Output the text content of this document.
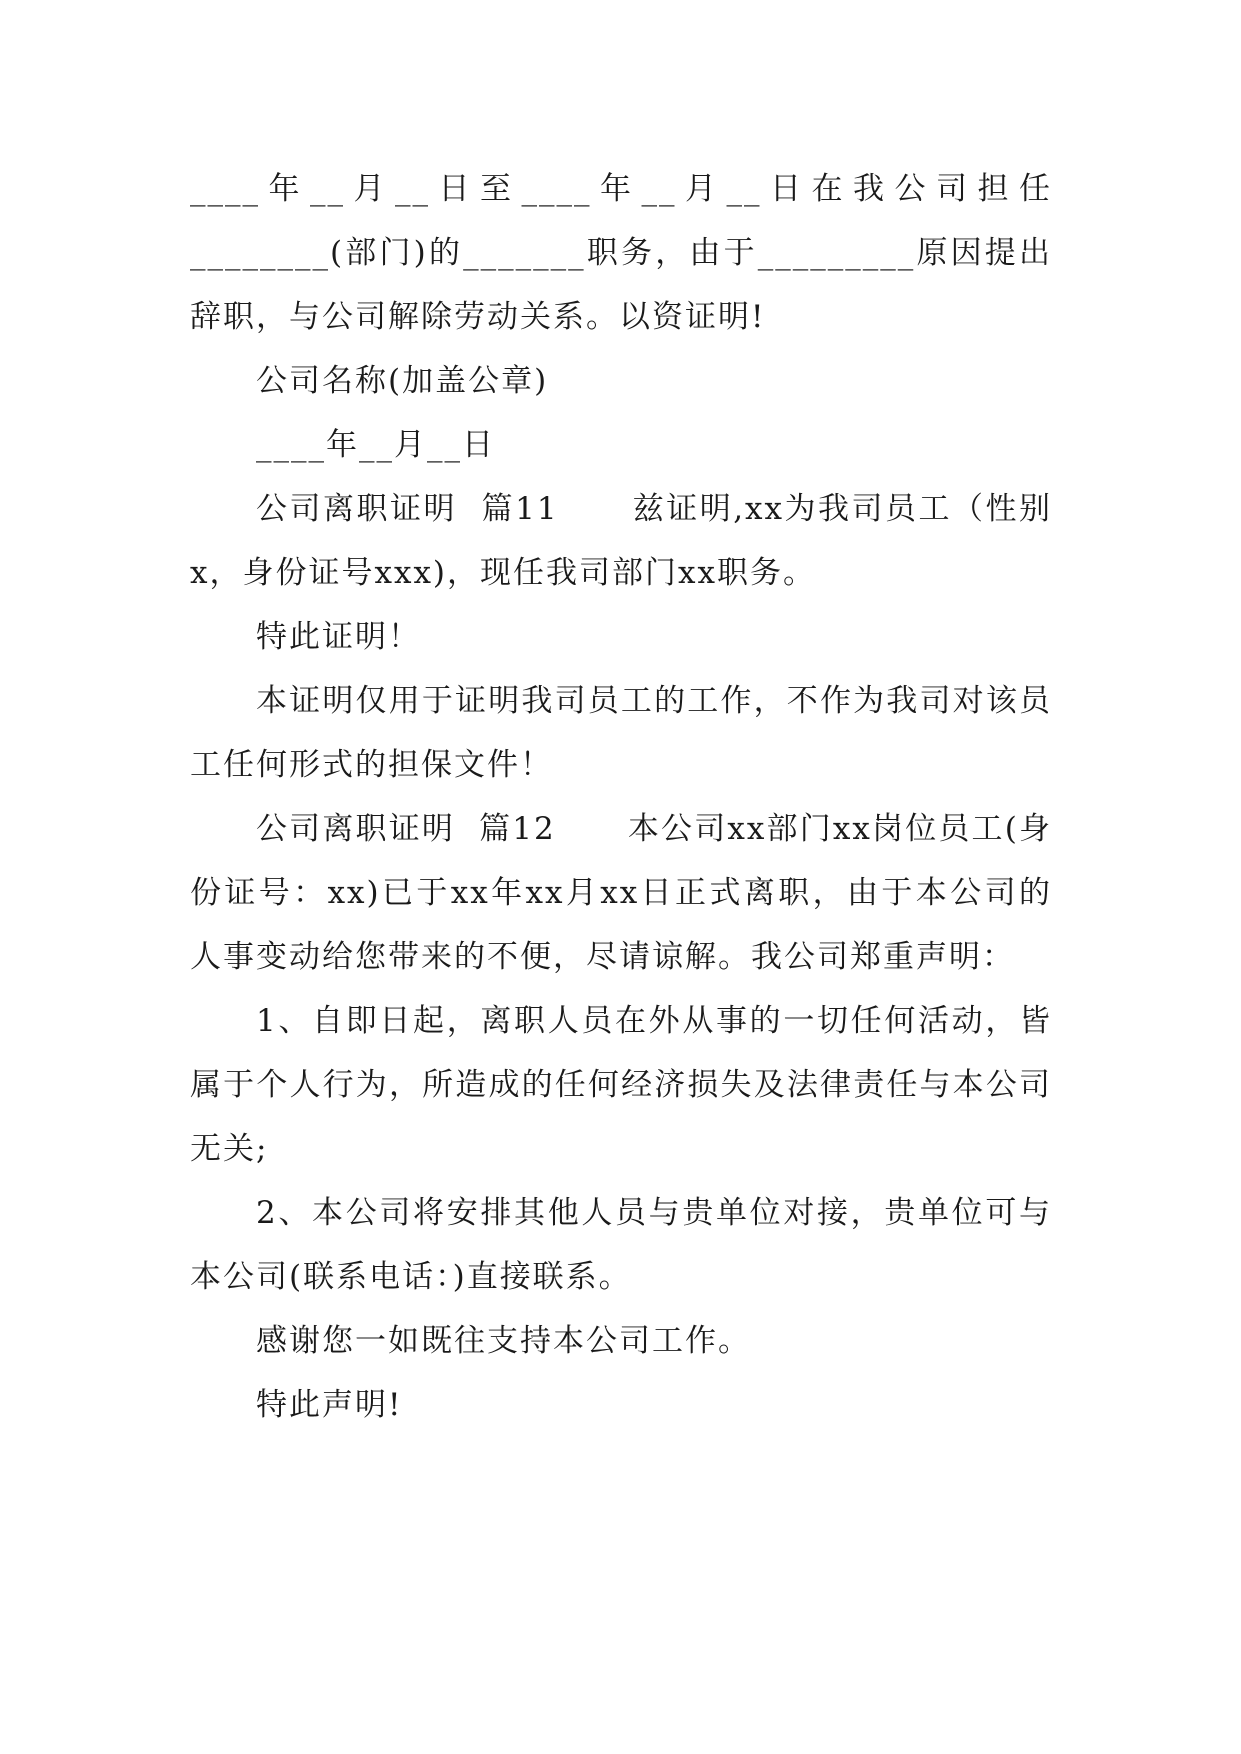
____年__月__日至____年__月__日在我公司担任________(部门)的_______职务，由于_________原因提出辞职，与公司解除劳动关系。以资证明!

公司名称(加盖公章)

____年__月__日

公司离职证明  篇11      兹证明,xx为我司员工（性别x，身份证号xxx)，现任我司部门xx职务。

特此证明！

本证明仅用于证明我司员工的工作，不作为我司对该员工任何形式的担保文件！

公司离职证明  篇12      本公司xx部门xx岗位员工(身份证号：xx)已于xx年xx月xx日正式离职，由于本公司的人事变动给您带来的不便，尽请谅解。我公司郑重声明：

1、自即日起，离职人员在外从事的一切任何活动，皆属于个人行为，所造成的任何经济损失及法律责任与本公司无关;

2、本公司将安排其他人员与贵单位对接，贵单位可与本公司(联系电话：)直接联系。

感谢您一如既往支持本公司工作。

特此声明!
